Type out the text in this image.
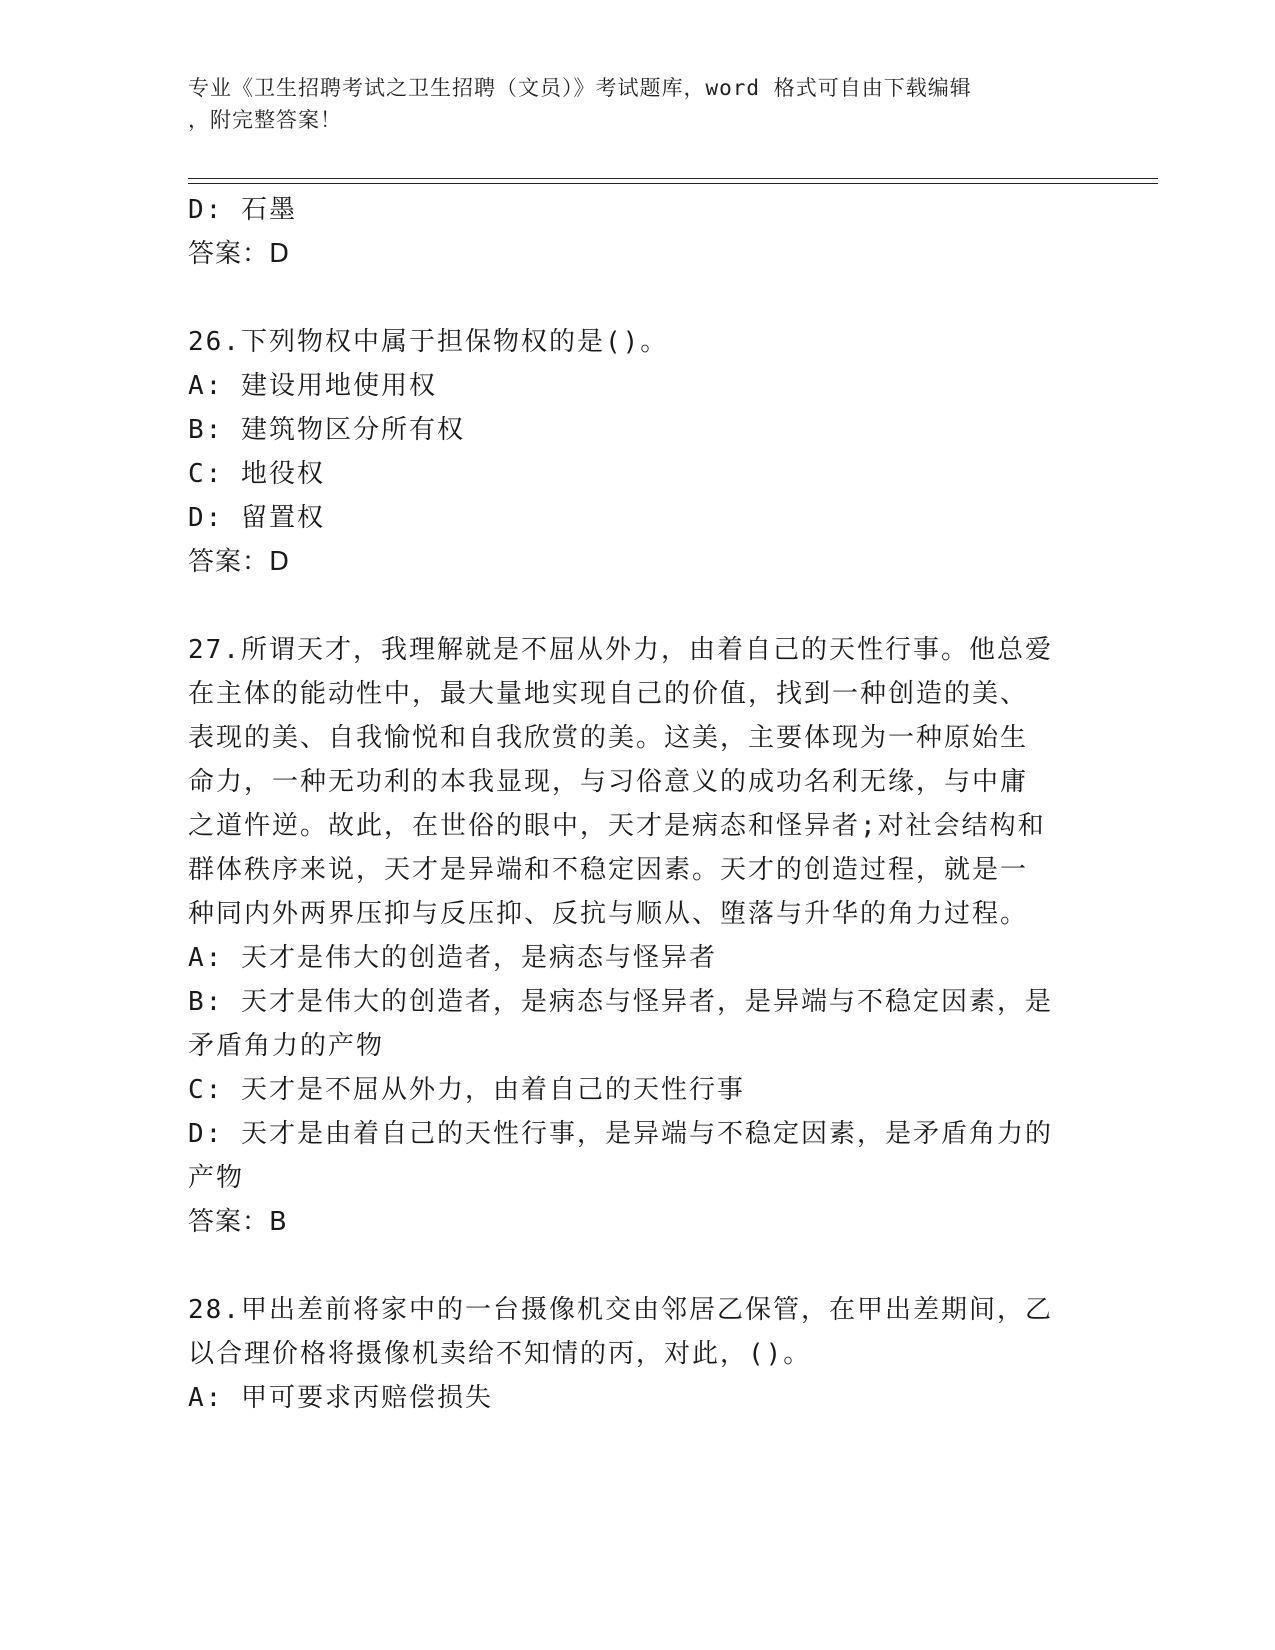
专业《卫生招聘考试之卫生招聘（文员）》考试题库，word 格式可自由下载编辑
，附完整答案！
D: 石墨
答案：D
26.下列物权中属于担保物权的是()。
A: 建设用地使用权
B: 建筑物区分所有权
C: 地役权
D: 留置权
答案：D
27.所谓天才，我理解就是不屈从外力，由着自己的天性行事。他总爱
在主体的能动性中，最大量地实现自己的价值，找到一种创造的美、
表现的美、自我愉悦和自我欣赏的美。这美，主要体现为一种原始生
命力，一种无功利的本我显现，与习俗意义的成功名利无缘，与中庸
之道忤逆。故此，在世俗的眼中，天才是病态和怪异者;对社会结构和
群体秩序来说，天才是异端和不稳定因素。天才的创造过程，就是一
种同内外两界压抑与反压抑、反抗与顺从、堕落与升华的角力过程。
A: 天才是伟大的创造者，是病态与怪异者
B: 天才是伟大的创造者，是病态与怪异者，是异端与不稳定因素，是
矛盾角力的产物
C: 天才是不屈从外力，由着自己的天性行事
D: 天才是由着自己的天性行事，是异端与不稳定因素，是矛盾角力的
产物
答案：B
28.甲出差前将家中的一台摄像机交由邻居乙保管，在甲出差期间，乙
以合理价格将摄像机卖给不知情的丙，对此，()。
A: 甲可要求丙赔偿损失
